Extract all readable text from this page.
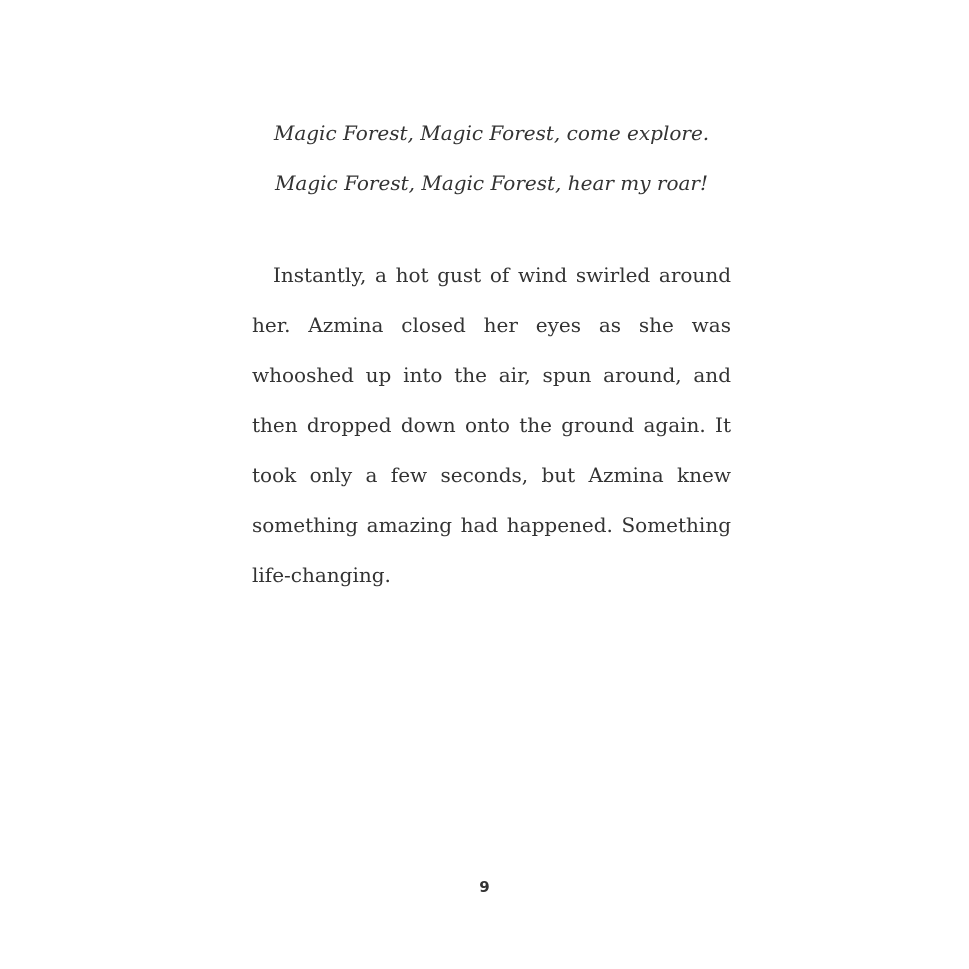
Magic Forest, Magic Forest, come explore.

Magic Forest, Magic Forest, hear my roar!

Instantly, a hot gust of wind swirled around her. Azmina closed her eyes as she was whooshed up into the air, spun around, and then dropped down onto the ground again. It took only a few seconds, but Azmina knew something amazing had happened. Something life-changing.

9
